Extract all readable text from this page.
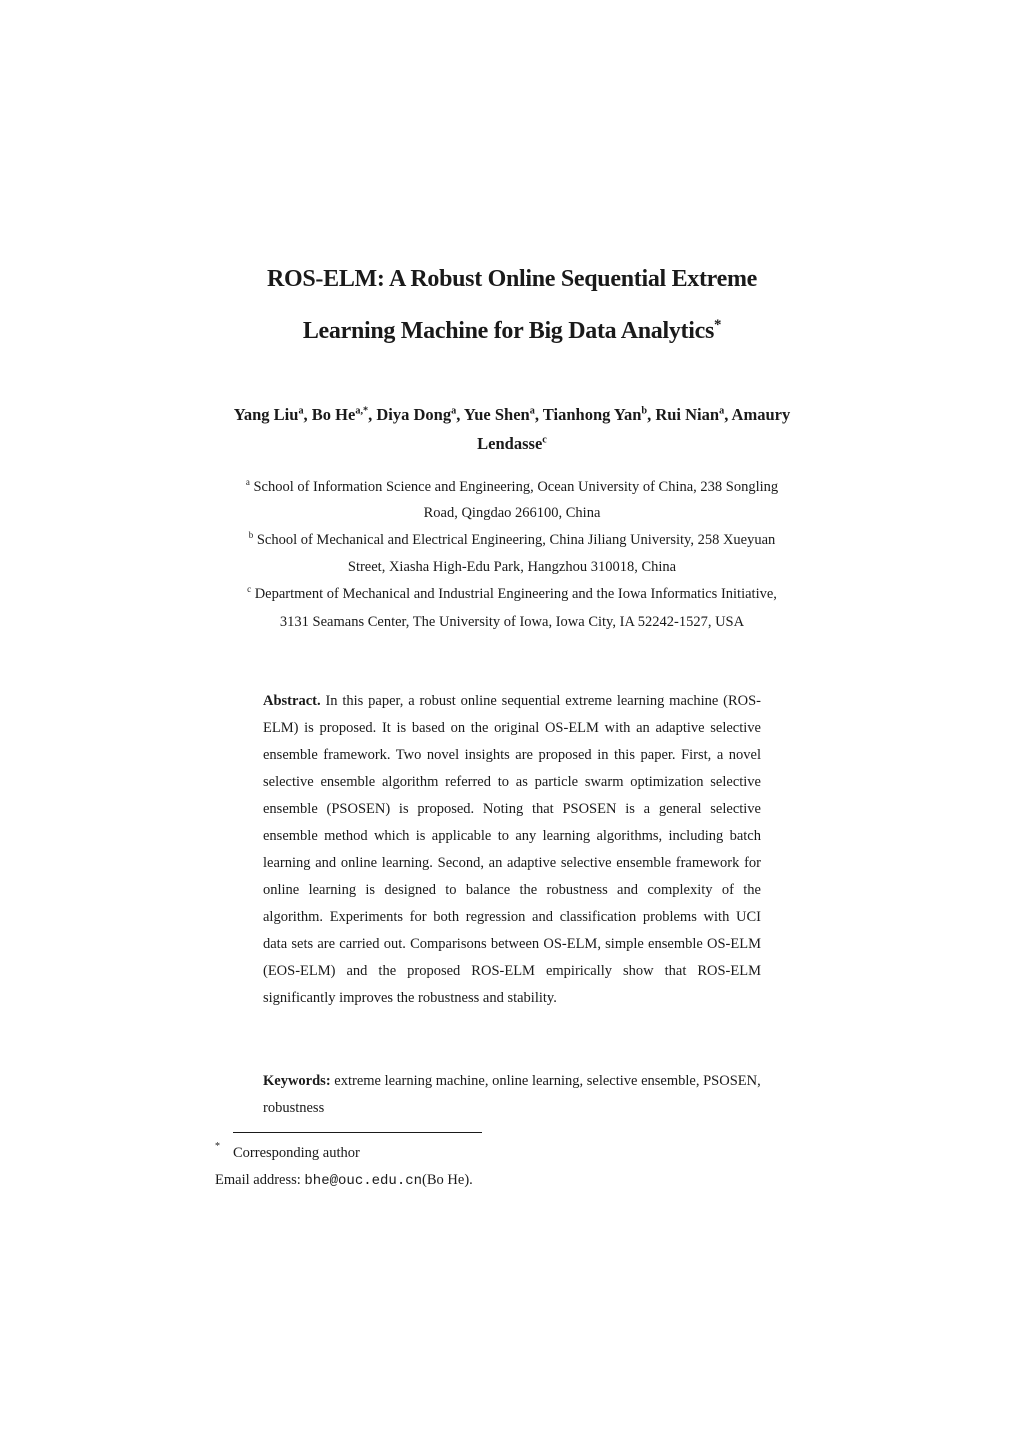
ROS-ELM: A Robust Online Sequential Extreme
Learning Machine for Big Data Analytics*
Yang Liu$^a$, Bo $He^{a,*}$, Diya Dong$^a$, Yue Shen$^a$, Tianhong Yan$^b$, Rui Nian$^a$, Amaury
Lendasse$^c$
$^a$ School of Information Science and Engineering, Ocean University of China, 238 Songling
Road, Qingdao 266100, China
$^b$ School of Mechanical and Electrical Engineering, China Jiliang University, 258 Xueyuan
Street, Xiasha High-Edu Park, Hangzhou 310018, China
$^c$ Department of Mechanical and Industrial Engineering and the Iowa Informatics Initiative,
3131 Seamans Center, The University of Iowa, Iowa City, IA 52242-1527, USA
Abstract. In this paper, a robust online sequential extreme learning machine (ROS-ELM) is proposed. It is based on the original OS-ELM with an adaptive selective ensemble framework. Two novel insights are proposed in this paper. First, a novel selective ensemble algorithm referred to as particle swarm optimization selective ensemble (PSOSEN) is proposed. Noting that PSOSEN is a general selective ensemble method which is applicable to any learning algorithms, including batch learning and online learning. Second, an adaptive selective ensemble framework for online learning is designed to balance the robustness and complexity of the algorithm. Experiments for both regression and classification problems with UCI data sets are carried out. Comparisons between OS-ELM, simple ensemble OS-ELM (EOS-ELM) and the proposed ROS-ELM empirically show that ROS-ELM significantly improves the robustness and stability.
Keywords: extreme learning machine, online learning, selective ensemble, PSOSEN, robustness
* Corresponding author
Email address: bhe@ouc.edu.cn(Bo He).
